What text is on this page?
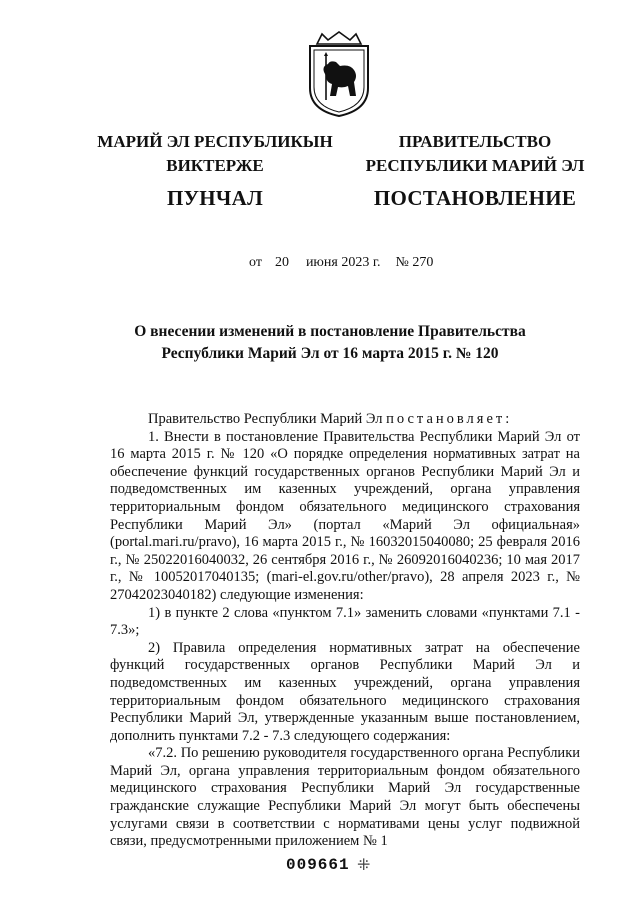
МАРИЙ ЭЛ РЕСПУБЛИКЫН
ВИКТЕРЖЕ
ПУНЧАЛ
ПРАВИТЕЛЬСТВО
РЕСПУБЛИКИ МАРИЙ ЭЛ
ПОСТАНОВЛЕНИЕ
от 20 июня 2023 г. № 270
О внесении изменений в постановление Правительства
Республики Марий Эл от 16 марта 2015 г. № 120

Правительство Республики Марий Эл постановляет:

1. Внести в постановление Правительства Республики Марий Эл от 16 марта 2015 г. № 120 «О порядке определения нормативных затрат на обеспечение функций государственных органов Республики Марий Эл и подведомственных им казенных учреждений, органа управления территориальным фондом обязательного медицинского страхования Республики Марий Эл» (портал «Марий Эл официальная» (portal.mari.ru/pravo), 16 марта 2015 г., № 16032015040080; 25 февраля 2016 г., № 25022016040032, 26 сентября 2016 г., № 26092016040236; 10 мая 2017 г., № 10052017040135; (mari-el.gov.ru/other/pravo), 28 апреля 2023 г., № 27042023040182) следующие изменения:

1) в пункте 2 слова «пунктом 7.1» заменить словами «пунктами 7.1 - 7.3»;

2) Правила определения нормативных затрат на обеспечение функций государственных органов Республики Марий Эл и подведомственных им казенных учреждений, органа управления территориальным фондом обязательного медицинского страхования Республики Марий Эл, утвержденные указанным выше постановлением, дополнить пунктами 7.2 - 7.3 следующего содержания:

«7.2. По решению руководителя государственного органа Республики Марий Эл, органа управления территориальным фондом обязательного медицинского страхования Республики Марий Эл государственные гражданские служащие Республики Марий Эл могут быть обеспечены услугами связи в соответствии с нормативами цены услуг подвижной связи, предусмотренными приложением № 1

009661 ⁜
